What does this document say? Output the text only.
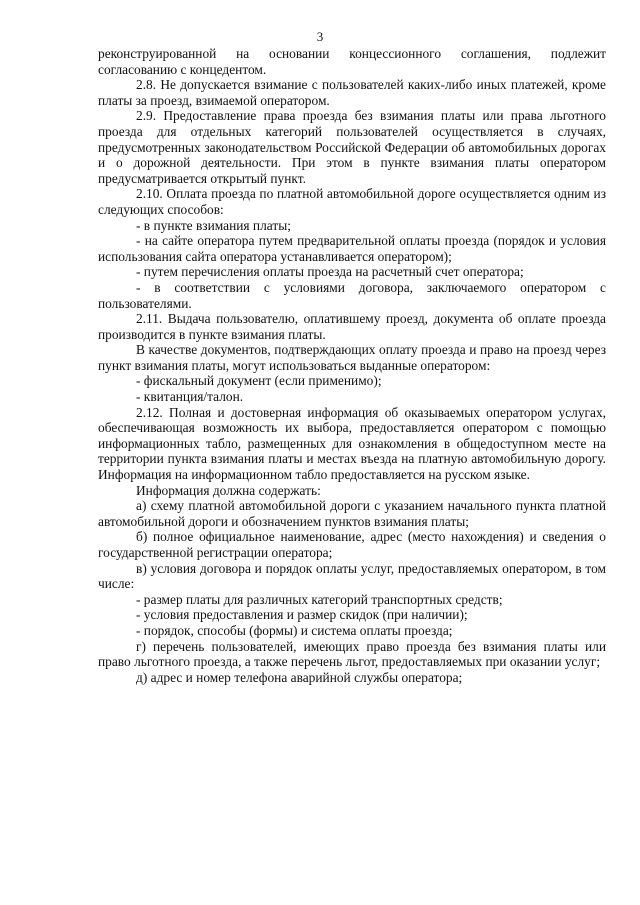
3

реконструированной на основании концессионного соглашения, подлежит согласованию с концедентом.

2.8. Не допускается взимание с пользователей каких-либо иных платежей, кроме платы за проезд, взимаемой оператором.

2.9. Предоставление права проезда без взимания платы или права льготного проезда для отдельных категорий пользователей осуществляется в случаях, предусмотренных законодательством Российской Федерации об автомобильных дорогах и о дорожной деятельности. При этом в пункте взимания платы оператором предусматривается открытый пункт.

2.10. Оплата проезда по платной автомобильной дороге осуществляется одним из следующих способов:

- в пункте взимания платы;

- на сайте оператора путем предварительной оплаты проезда (порядок и условия использования сайта оператора устанавливается оператором);

- путем перечисления оплаты проезда на расчетный счет оператора;

- в соответствии с условиями договора, заключаемого оператором с пользователями.

2.11. Выдача пользователю, оплатившему проезд, документа об оплате проезда производится в пункте взимания платы.

В качестве документов, подтверждающих оплату проезда и право на проезд через пункт взимания платы, могут использоваться выданные оператором:

- фискальный документ (если применимо);

- квитанция/талон.

2.12. Полная и достоверная информация об оказываемых оператором услугах, обеспечивающая возможность их выбора, предоставляется оператором с помощью информационных табло, размещенных для ознакомления в общедоступном месте на территории пункта взимания платы и местах въезда на платную автомобильную дорогу. Информация на информационном табло предоставляется на русском языке.

Информация должна содержать:

а) схему платной автомобильной дороги с указанием начального пункта платной автомобильной дороги и обозначением пунктов взимания платы;

б) полное официальное наименование, адрес (место нахождения) и сведения о государственной регистрации оператора;

в) условия договора и порядок оплаты услуг, предоставляемых оператором, в том числе:

- размер платы для различных категорий транспортных средств;

- условия предоставления и размер скидок (при наличии);

- порядок, способы (формы) и система оплаты проезда;

г) перечень пользователей, имеющих право проезда без взимания платы или право льготного проезда, а также перечень льгот, предоставляемых при оказании услуг;

д) адрес и номер телефона аварийной службы оператора;
